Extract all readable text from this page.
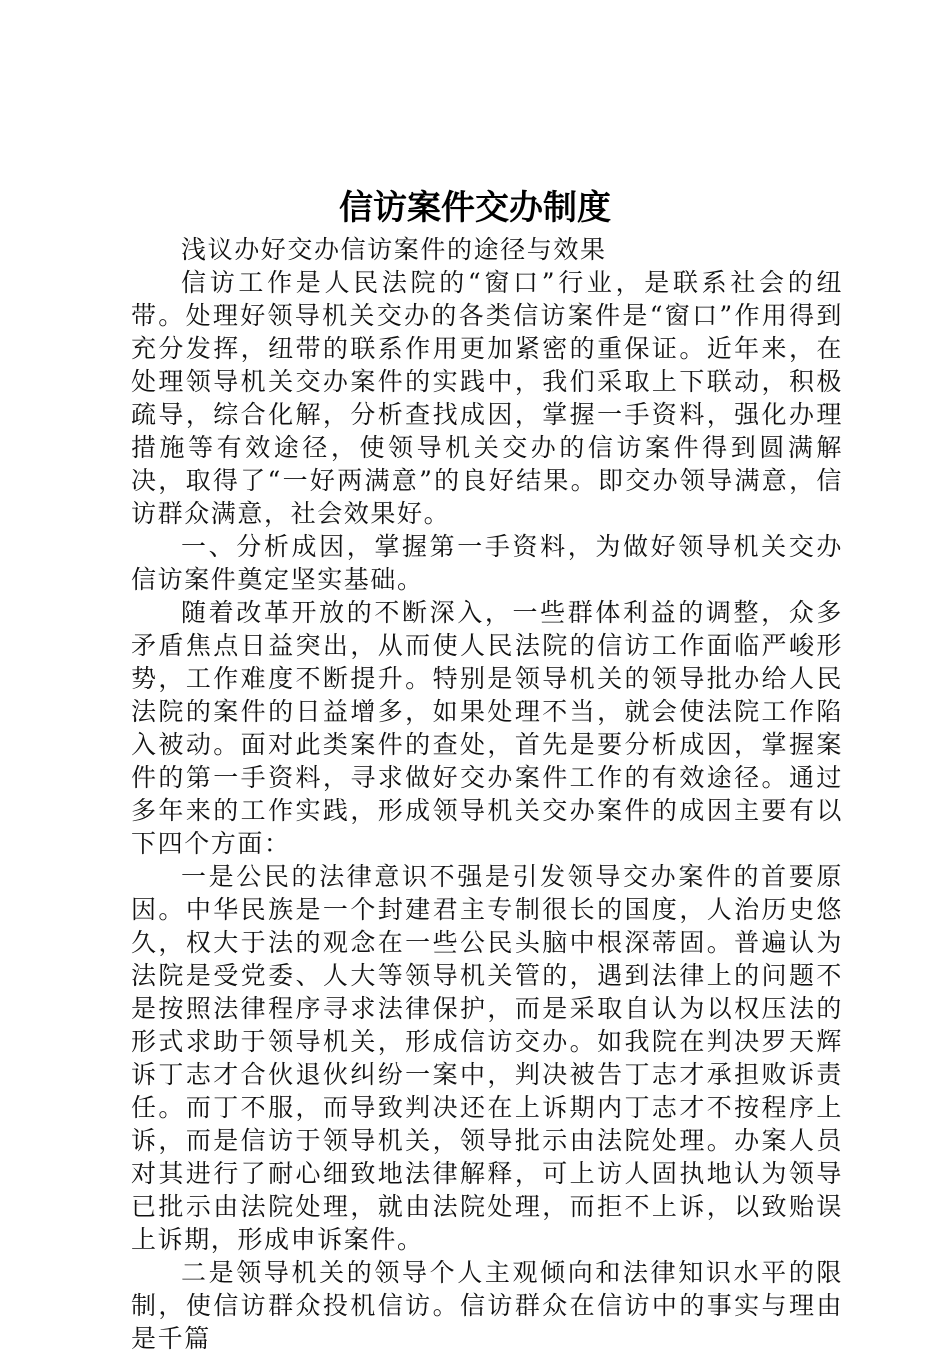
信访案件交办制度

浅议办好交办信访案件的途径与效果

信访工作是人民法院的“窗口”行业，是联系社会的纽带。处理好领导机关交办的各类信访案件是“窗口”作用得到充分发挥，纽带的联系作用更加紧密的重保证。近年来，在处理领导机关交办案件的实践中，我们采取上下联动，积极疏导，综合化解，分析查找成因，掌握一手资料，强化办理措施等有效途径，使领导机关交办的信访案件得到圆满解决，取得了“一好两满意”的良好结果。即交办领导满意，信访群众满意，社会效果好。

一、分析成因，掌握第一手资料，为做好领导机关交办信访案件奠定坚实基础。

随着改革开放的不断深入，一些群体利益的调整，众多矛盾焦点日益突出，从而使人民法院的信访工作面临严峻形势，工作难度不断提升。特别是领导机关的领导批办给人民法院的案件的日益增多，如果处理不当，就会使法院工作陷入被动。面对此类案件的查处，首先是要分析成因，掌握案件的第一手资料，寻求做好交办案件工作的有效途径。通过多年来的工作实践，形成领导机关交办案件的成因主要有以下四个方面：

一是公民的法律意识不强是引发领导交办案件的首要原因。中华民族是一个封建君主专制很长的国度，人治历史悠久，权大于法的观念在一些公民头脑中根深蒂固。普遍认为法院是受党委、人大等领导机关管的，遇到法律上的问题不是按照法律程序寻求法律保护，而是采取自认为以权压法的形式求助于领导机关，形成信访交办。如我院在判决罗天辉诉丁志才合伙退伙纠纷一案中，判决被告丁志才承担败诉责任。而丁不服，而导致判决还在上诉期内丁志才不按程序上诉，而是信访于领导机关，领导批示由法院处理。办案人员对其进行了耐心细致地法律解释，可上访人固执地认为领导已批示由法院处理，就由法院处理，而拒不上诉，以致贻误上诉期，形成申诉案件。

二是领导机关的领导个人主观倾向和法律知识水平的限制，使信访群众投机信访。信访群众在信访中的事实与理由是千篇
